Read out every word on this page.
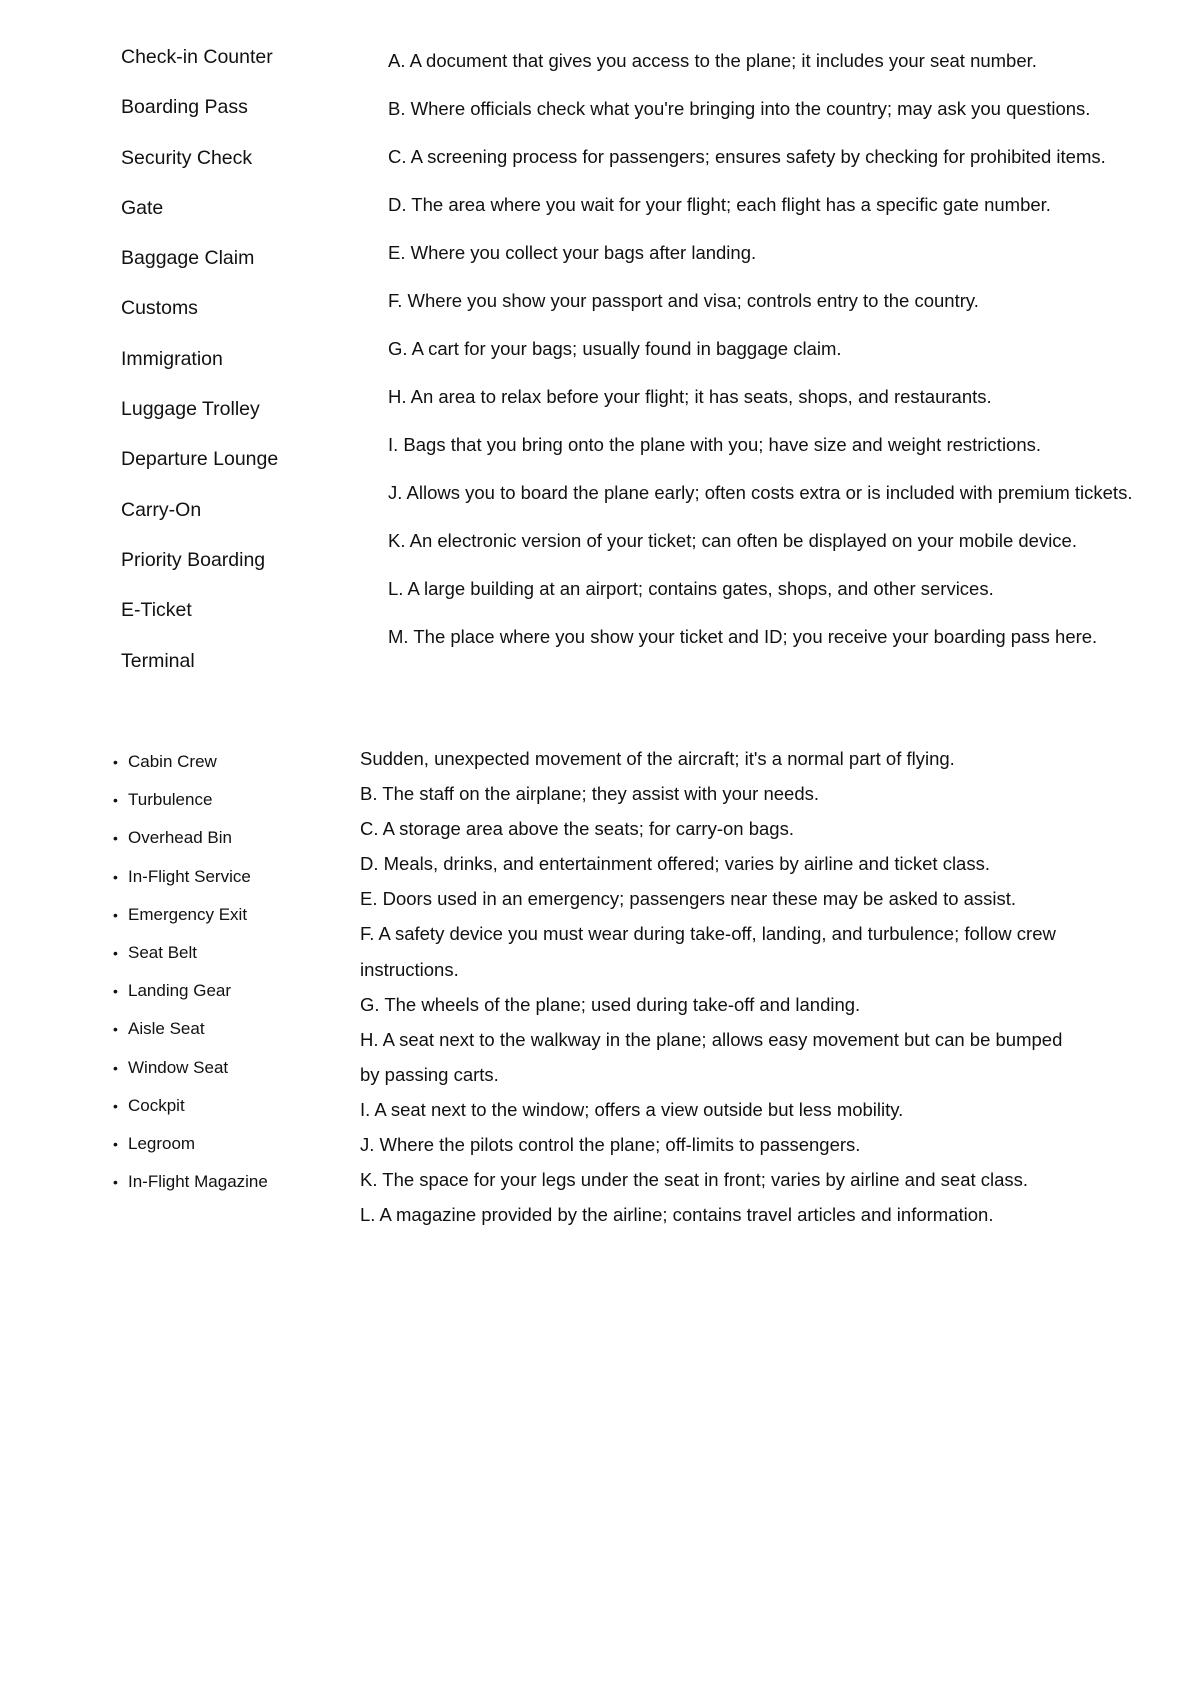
Check-in Counter
Boarding Pass
Security Check
Gate
Baggage Claim
Customs
Immigration
Luggage Trolley
Departure Lounge
Carry-On
Priority Boarding
E-Ticket
Terminal
A. A document that gives you access to the plane; it includes your seat number.
B. Where officials check what you're bringing into the country; may ask you questions.
C. A screening process for passengers; ensures safety by checking for prohibited items.
D. The area where you wait for your flight; each flight has a specific gate number.
E. Where you collect your bags after landing.
F. Where you show your passport and visa; controls entry to the country.
G. A cart for your bags; usually found in baggage claim.
H. An area to relax before your flight; it has seats, shops, and restaurants.
I. Bags that you bring onto the plane with you; have size and weight restrictions.
J. Allows you to board the plane early; often costs extra or is included with premium tickets.
K. An electronic version of your ticket; can often be displayed on your mobile device.
L. A large building at an airport; contains gates, shops, and other services.
M. The place where you show your ticket and ID; you receive your boarding pass here.
• Cabin Crew
• Turbulence
• Overhead Bin
• In-Flight Service
• Emergency Exit
• Seat Belt
• Landing Gear
• Aisle Seat
• Window Seat
• Cockpit
• Legroom
• In-Flight Magazine

Sudden, unexpected movement of the aircraft; it's a normal part of flying.

B. The staff on the airplane; they assist with your needs.

C. A storage area above the seats; for carry-on bags.

D. Meals, drinks, and entertainment offered; varies by airline and ticket class.

E. Doors used in an emergency; passengers near these may be asked to assist.

F. A safety device you must wear during take-off, landing, and turbulence; follow crew instructions.

G. The wheels of the plane; used during take-off and landing.

H. A seat next to the walkway in the plane; allows easy movement but can be bumped by passing carts.

I. A seat next to the window; offers a view outside but less mobility.

J. Where the pilots control the plane; off-limits to passengers.

K. The space for your legs under the seat in front; varies by airline and seat class.

L. A magazine provided by the airline; contains travel articles and information.
